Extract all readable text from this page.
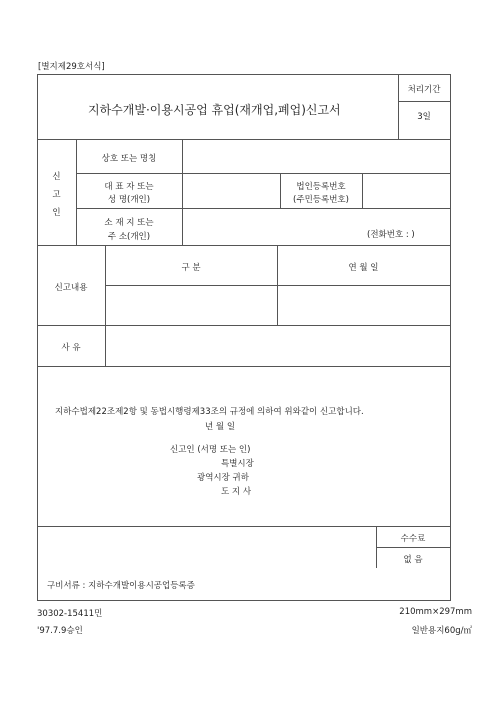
[별지제29호서식]
지하수개발·이용시공업 휴업(재개업,폐업)신고서
처리기간
3일
신
고
인
상호 또는 명칭
대 표 자 또는
성 명(개인)
법인등록번호
(주민등록번호)
소 재 지 또는
주 소(개인)	(전화번호 : )
신고내용
구 분	연 월 일
사 유
지하수법제22조제2항 및 동법시행령제33조의 규정에 의하여 위와같이 신고합니다.
년 월 일
신고인 (서명 또는 인)
특별시장
광역시장 귀하
도 지 사
수수료
없 음
구비서류 : 지하수개발이용시공업등록증
30302-15411민
'97.7.9승인
210mm×297mm
일반용지60g/㎡
